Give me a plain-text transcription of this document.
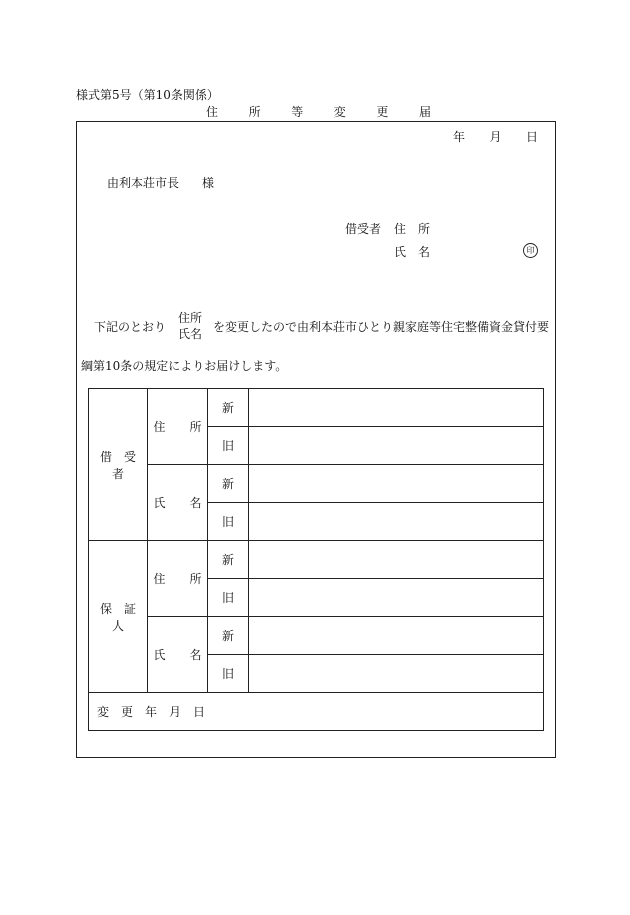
様式第5号（第10条関係）
住	所	等	変	更	届
年 月 日
由利本荘市長 様
借受者 住　所
氏　名	印
下記のとおり
住所
氏名 を変更したので由利本荘市ひとり親家庭等住宅整備資金貸付要
綱第10条の規定によりお届けします。
借　受　者	住　　所	新	
		旧	
	氏　　名	新	
		旧	
保　証　人	住　　所	新	
		旧	
	氏　　名	新	
		旧	
変　更　年　月　日			
